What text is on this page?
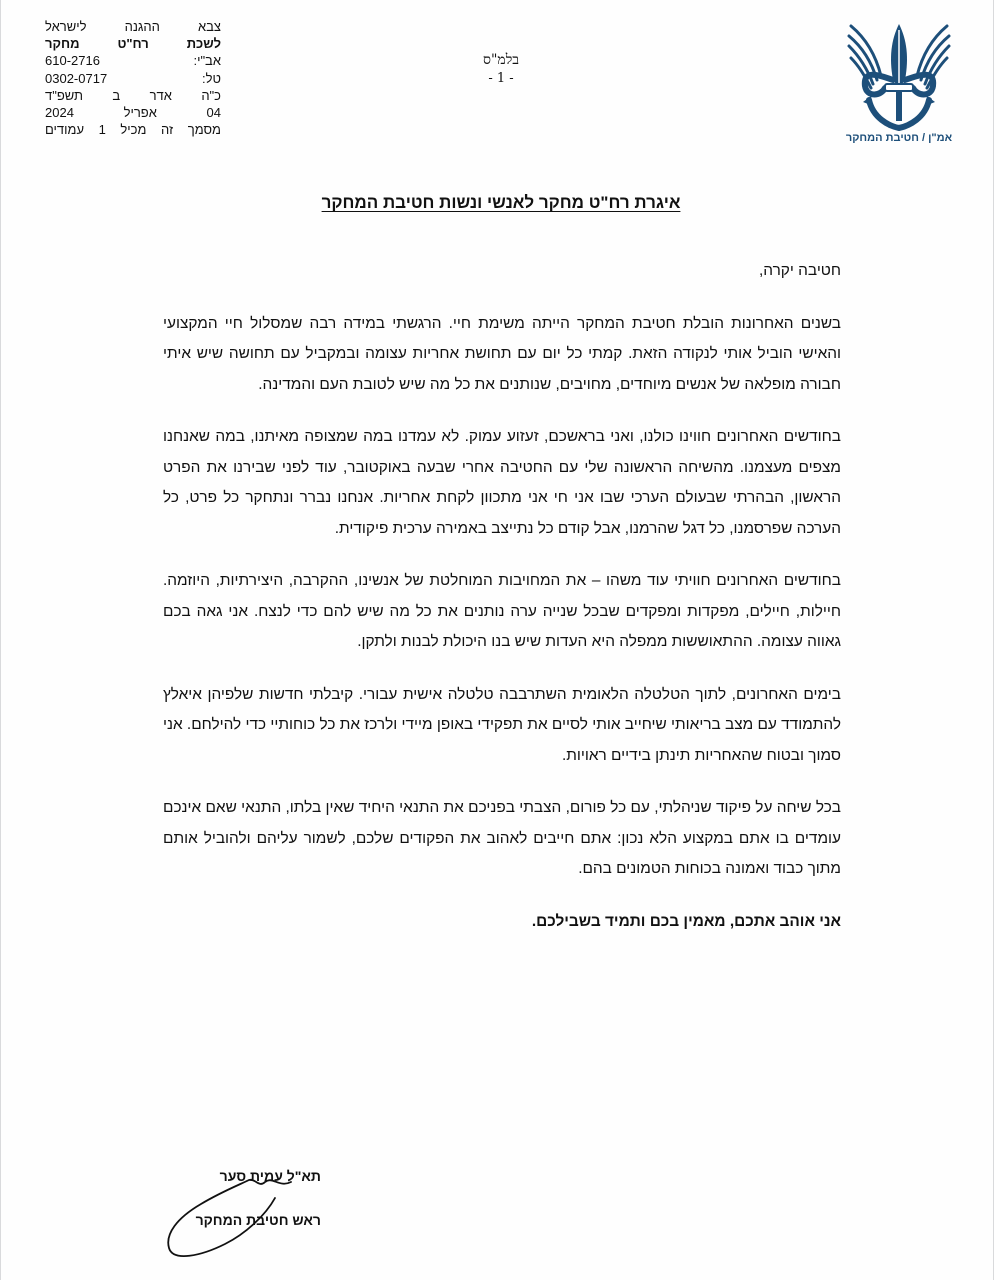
צבא
ההגנה
לישראל
לשכת
רח"ט
מחקר
אב"י:
610-2716
טל:
0302-0717
כ"ה
אדר
ב
תשפ"ד
04
אפריל
2024
מסמך
זה
מכיל
1
עמודים
בלמ"ס
- 1 -
אמ"ן / חטיבת המחקר
איגרת רח"ט מחקר לאנשי ונשות חטיבת המחקר

חטיבה יקרה,

בשנים האחרונות הובלת חטיבת המחקר הייתה משימת חיי. הרגשתי במידה רבה שמסלול חיי המקצועי והאישי הוביל אותי לנקודה הזאת. קמתי כל יום עם תחושת אחריות עצומה ובמקביל עם תחושה שיש איתי חבורה מופלאה של אנשים מיוחדים, מחויבים, שנותנים את כל מה שיש לטובת העם והמדינה.

בחודשים האחרונים חווינו כולנו, ואני בראשכם, זעזוע עמוק. לא עמדנו במה שמצופה מאיתנו, במה שאנחנו מצפים מעצמנו. מהשיחה הראשונה שלי עם החטיבה אחרי שבעה באוקטובר, עוד לפני שבירנו את הפרט הראשון, הבהרתי שבעולם הערכי שבו אני חי אני מתכוון לקחת אחריות. אנחנו נברר ונתחקר כל פרט, כל הערכה שפרסמנו, כל דגל שהרמנו, אבל קודם כל נתייצב באמירה ערכית פיקודית.

בחודשים האחרונים חוויתי עוד משהו – את המחויבות המוחלטת של אנשינו, ההקרבה, היצירתיות, היוזמה. חיילות, חיילים, מפקדות ומפקדים שבכל שנייה ערה נותנים את כל מה שיש להם כדי לנצח. אני גאה בכם גאווה עצומה. ההתאוששות ממפלה היא העדות שיש בנו היכולת לבנות ולתקן.

בימים האחרונים, לתוך הטלטלה הלאומית השתרבבה טלטלה אישית עבורי. קיבלתי חדשות שלפיהן איאלץ להתמודד עם מצב בריאותי שיחייב אותי לסיים את תפקידי באופן מיידי ולרכז את כל כוחותיי כדי להילחם. אני סמוך ובטוח שהאחריות תינתן בידיים ראויות.

בכל שיחה על פיקוד שניהלתי, עם כל פורום, הצבתי בפניכם את התנאי היחיד שאין בלתו, התנאי שאם אינכם עומדים בו אתם במקצוע הלא נכון: אתם חייבים לאהוב את הפקודים שלכם, לשמור עליהם ולהוביל אותם מתוך כבוד ואמונה בכוחות הטמונים בהם.

אני אוהב אתכם, מאמין בכם ותמיד בשבילכם.

תא"ל עמית סער
ראש חטיבת המחקר
